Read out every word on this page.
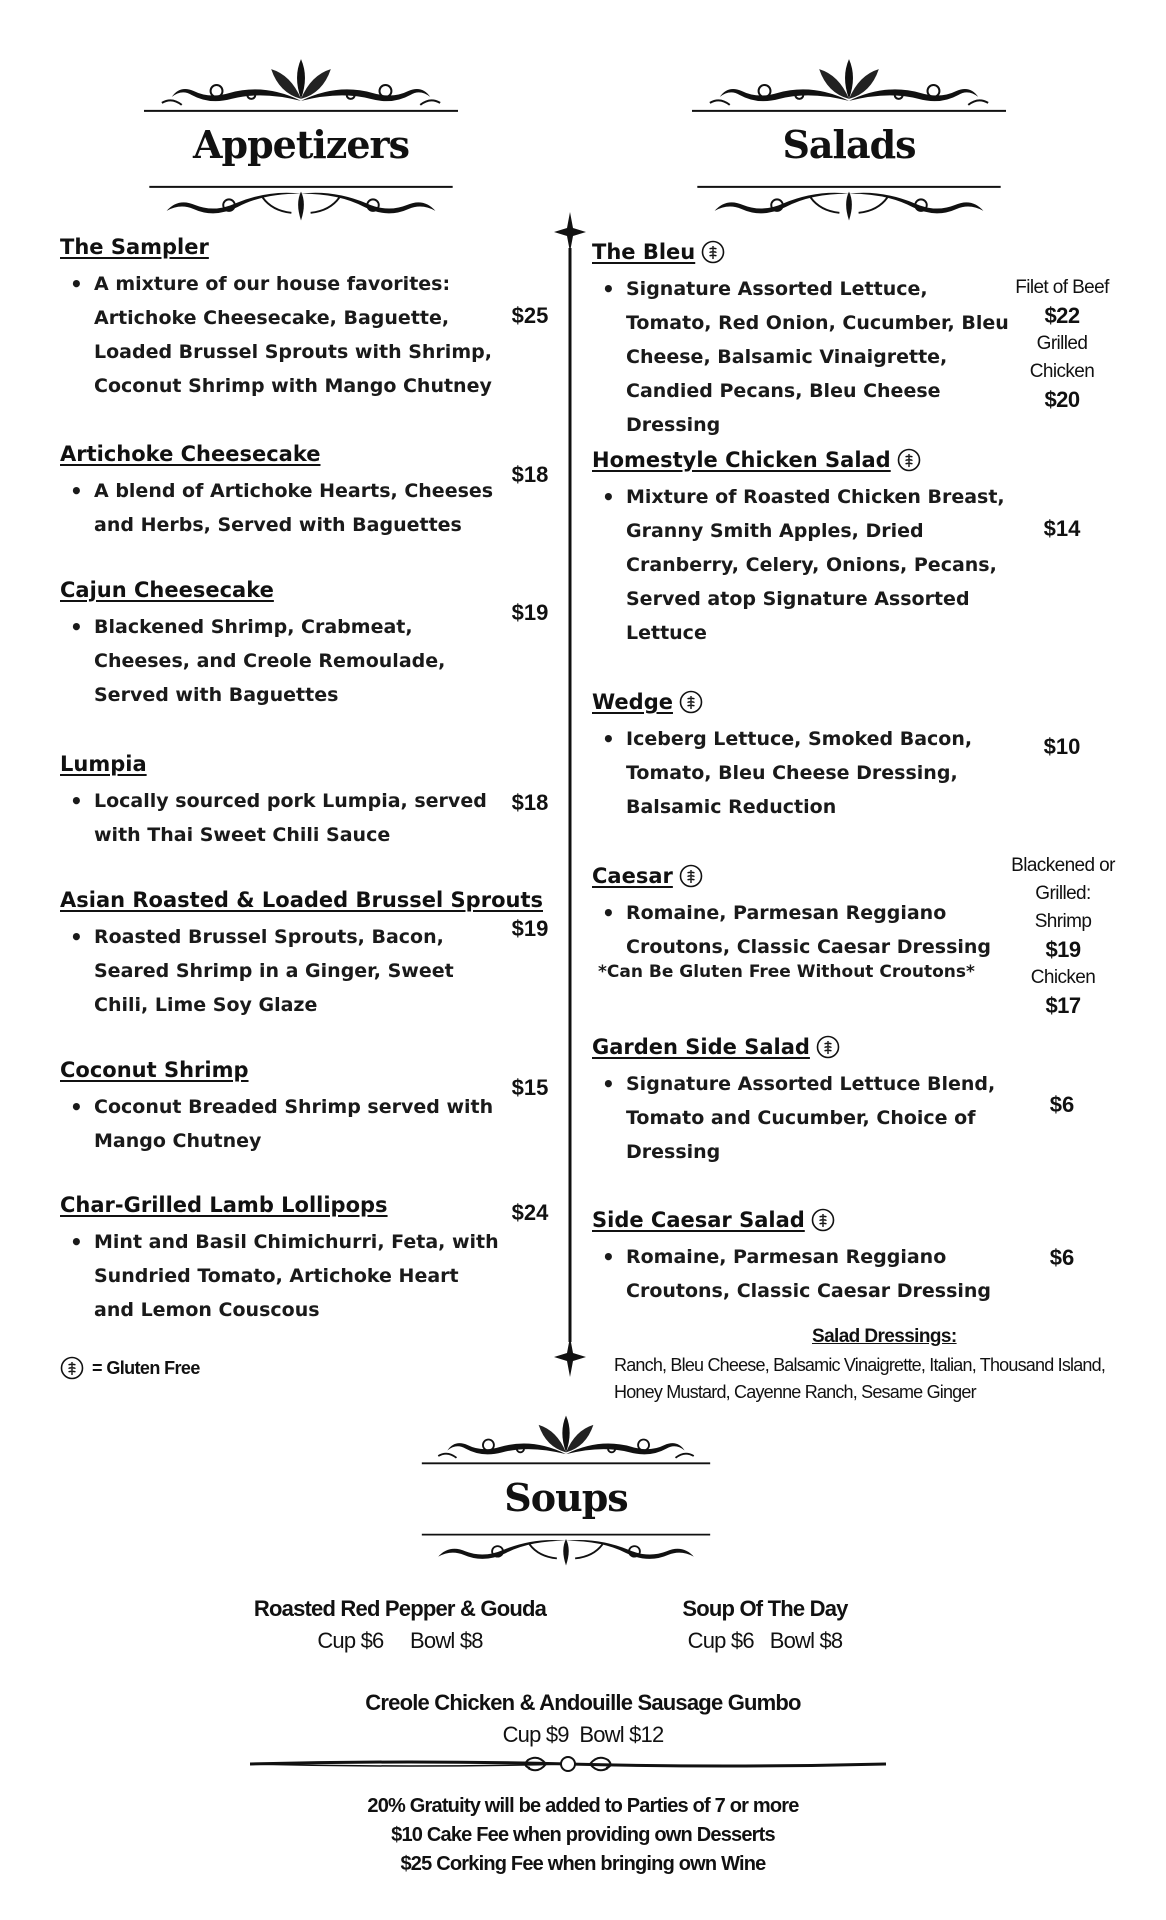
Appetizers	Salads
The Sampler
• A mixture of our house favorites: Artichoke Cheesecake, Baguette, Loaded Brussel Sprouts with Shrimp, Coconut Shrimp with Mango Chutney
$25
Artichoke Cheesecake
• A blend of Artichoke Hearts, Cheeses and Herbs, Served with Baguettes
$18
Cajun Cheesecake
• Blackened Shrimp, Crabmeat, Cheeses, and Creole Remoulade, Served with Baguettes
$19
Lumpia
• Locally sourced pork Lumpia, served with Thai Sweet Chili Sauce
$18
Asian Roasted & Loaded Brussel Sprouts
• Roasted Brussel Sprouts, Bacon, Seared Shrimp in a Ginger, Sweet Chili, Lime Soy Glaze
$19
Coconut Shrimp
• Coconut Breaded Shrimp served with Mango Chutney
$15
Char-Grilled Lamb Lollipops
• Mint and Basil Chimichurri, Feta, with Sundried Tomato, Artichoke Heart and Lemon Couscous
$24
= Gluten Free
The Bleu
• Signature Assorted Lettuce, Tomato, Red Onion, Cucumber, Bleu Cheese, Balsamic Vinaigrette, Candied Pecans, Bleu Cheese Dressing
Filet of Beef
$22
Grilled
Chicken
$20
Homestyle Chicken Salad
• Mixture of Roasted Chicken Breast, Granny Smith Apples, Dried Cranberry, Celery, Onions, Pecans, Served atop Signature Assorted Lettuce
$14
Wedge
• Iceberg Lettuce, Smoked Bacon, Tomato, Bleu Cheese Dressing, Balsamic Reduction
$10
Caesar
• Romaine, Parmesan Reggiano Croutons, Classic Caesar Dressing
*Can Be Gluten Free Without Croutons*
Blackened or
Grilled:
Shrimp
$19
Chicken
$17
Garden Side Salad
• Signature Assorted Lettuce Blend, Tomato and Cucumber, Choice of Dressing
$6
Side Caesar Salad
• Romaine, Parmesan Reggiano Croutons, Classic Caesar Dressing
$6
Salad Dressings:
Ranch, Bleu Cheese, Balsamic Vinaigrette, Italian, Thousand Island,
Honey Mustard, Cayenne Ranch, Sesame Ginger
Soups
Roasted Red Pepper & Gouda
Cup $6     Bowl $8
Soup Of The Day
Cup $6   Bowl $8
Creole Chicken & Andouille Sausage Gumbo
Cup $9  Bowl $12
20% Gratuity will be added to Parties of 7 or more
$10 Cake Fee when providing own Desserts
$25 Corking Fee when bringing own Wine
